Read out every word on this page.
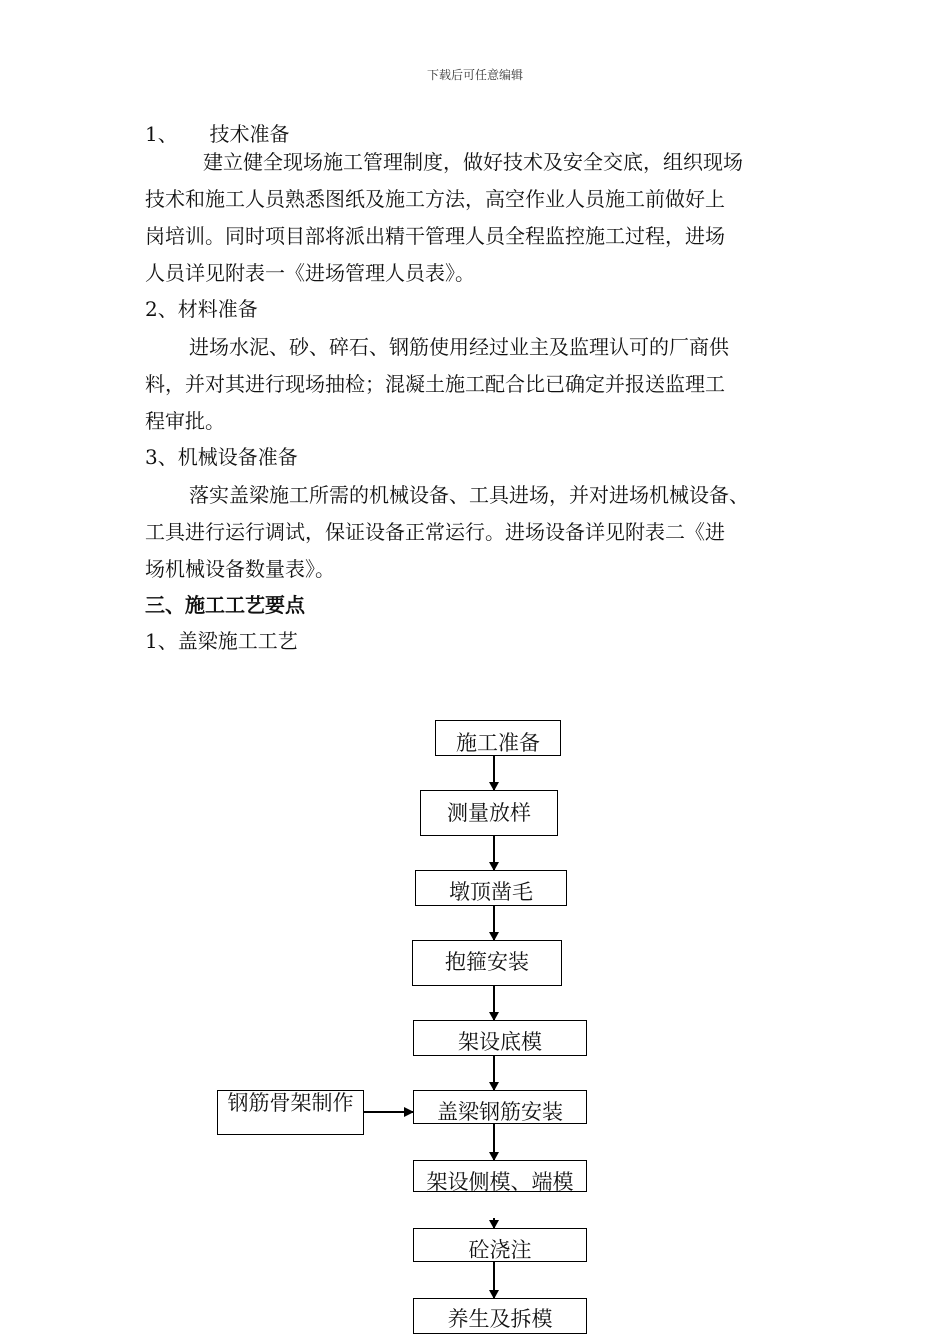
下载后可任意编辑
1、     技术准备
建立健全现场施工管理制度，做好技术及安全交底，组织现场
技术和施工人员熟悉图纸及施工方法，高空作业人员施工前做好上
岗培训。同时项目部将派出精干管理人员全程监控施工过程，进场
人员详见附表一《进场管理人员表》。
2、材料准备
进场水泥、砂、碎石、钢筋使用经过业主及监理认可的厂商供
料，并对其进行现场抽检；混凝土施工配合比已确定并报送监理工
程审批。
3、机械设备准备
落实盖梁施工所需的机械设备、工具进场，并对进场机械设备、
工具进行运行调试，保证设备正常运行。进场设备详见附表二《进
场机械设备数量表》。
三、施工工艺要点
1、盖梁施工工艺
施工准备
测量放样
墩顶凿毛
抱箍安装
架设底模
盖梁钢筋安装
钢筋骨架制作
架设侧模、端模
砼浇注
养生及拆模
